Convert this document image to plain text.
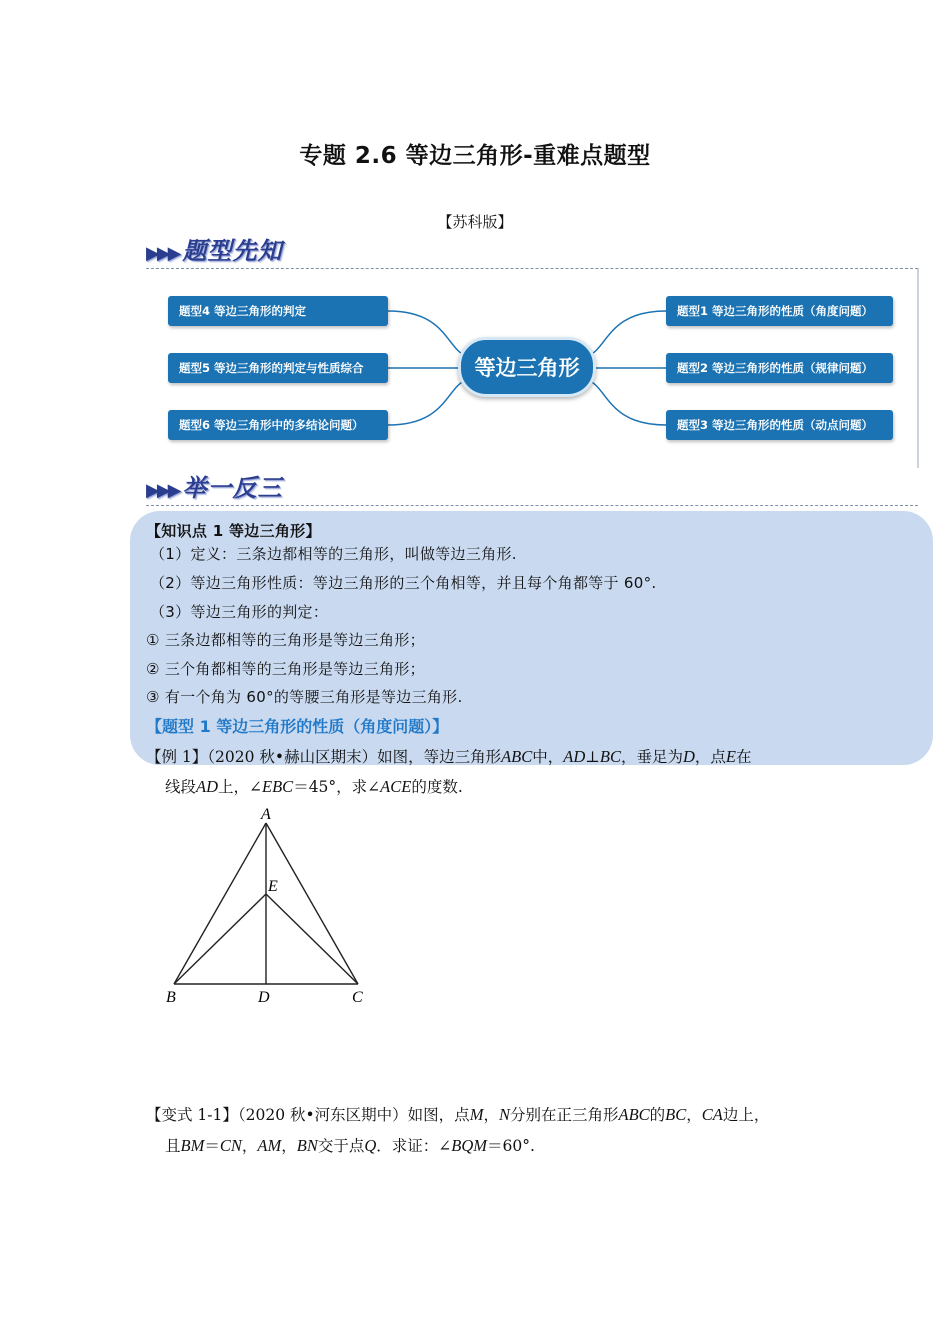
专题 2.6 等边三角形-重难点题型
【苏科版】
▶▶▶ 题型先知
题型4 等边三角形的判定
题型5 等边三角形的判定与性质综合
题型6 等边三角形中的多结论问题）
等边三角形
题型1 等边三角形的性质（角度问题）
题型2 等边三角形的性质（规律问题）
题型3 等边三角形的性质（动点问题）
▶▶▶ 举一反三
【知识点 1 等边三角形】
（1）定义：三条边都相等的三角形，叫做等边三角形.
（2）等边三角形性质：等边三角形的三个角相等，并且每个角都等于 60°.
（3）等边三角形的判定：
① 三条边都相等的三角形是等边三角形；
② 三个角都相等的三角形是等边三角形；
③ 有一个角为 60°的等腰三角形是等边三角形.
【题型 1 等边三角形的性质（角度问题）】
【例 1】（2020 秋•赫山区期末）如图，等边三角形ABC中，AD⊥BC，垂足为D，点E在
线段AD上，∠EBC＝45°，求∠ACE的度数.
A
E
B	D	C
【变式 1-1】（2020 秋•河东区期中）如图，点M，N分别在正三角形ABC的BC，CA边上，
且BM＝CN，AM，BN交于点Q．求证：∠BQM＝60°.
